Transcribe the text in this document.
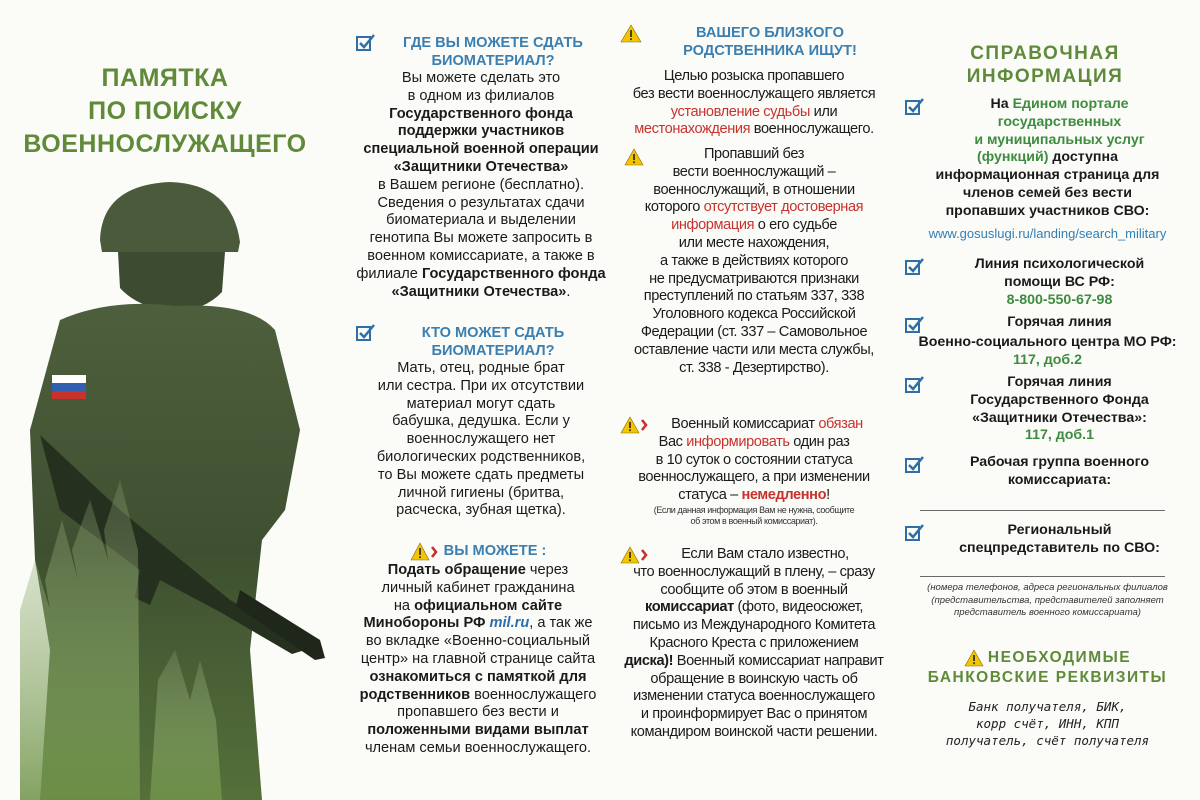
ПАМЯТКА
ПО ПОИСКУ
ВОЕННОСЛУЖАЩЕГО
ГДЕ ВЫ МОЖЕТЕ СДАТЬ
БИОМАТЕРИАЛ?
Вы можете сделать это
в одном из филиалов
Государственного фонда
поддержки участников
специальной военной операции
«Защитники Отечества»
в Вашем регионе (бесплатно).
Сведения о результатах сдачи
биоматериала и выделении
генотипа Вы можете запросить в
военном комиссариате, а также в
филиале Государственного фонда
«Защитники Отечества».
КТО МОЖЕТ СДАТЬ
БИОМАТЕРИАЛ?
Мать, отец, родные брат
или сестра. При их отсутствии
материал могут сдать
бабушка, дедушка. Если у
военнослужащего нет
биологических родственников,
то Вы можете сдать предметы
личной гигиены (бритва,
расческа, зубная щетка).
ВЫ МОЖЕТЕ :
Подать обращение через
личный кабинет гражданина
на официальном сайте
Минобороны РФ mil.ru, а так же
во вкладке «Военно-социальный
центр» на главной странице сайта
ознакомиться с памяткой для
родственников военнослужащего
пропавшего без вести и
положенными видами выплат
членам семьи военнослужащего.
ВАШЕГО БЛИЗКОГО
РОДСТВЕННИКА ИЩУТ!
Целью розыска пропавшего
без вести военнослужащего является
установление судьбы или
местонахождения военнослужащего.
Пропавший без
вести военнослужащий –
военнослужащий, в отношении
которого отсутствует достоверная
информация о его судьбе
или месте нахождения,
а также в действиях которого
не предусматриваются признаки
преступлений по статьям 337, 338
Уголовного кодекса Российской
Федерации (ст. 337 – Самовольное
оставление части или места службы,
ст. 338 - Дезертирство).
Военный комиссариат обязан
Вас информировать один раз
в 10 суток о состоянии статуса
военнослужащего, а при изменении
статуса – немедленно!
(Если данная информация Вам не нужна, сообщите
об этом в военный комиссариат).
Если Вам стало известно,
что военнослужащий в плену, – сразу
сообщите об этом в военный
комиссариат (фото, видеосюжет,
письмо из Международного Комитета
Красного Креста с приложением
диска)! Военный комиссариат направит
обращение в воинскую часть об
изменении статуса военнослужащего
и проинформирует Вас о принятом
командиром воинской части решении.
СПРАВОЧНАЯ
ИНФОРМАЦИЯ
На Едином портале
государственных
и муниципальных услуг
(функций) доступна
информационная страница для
членов семей без вести
пропавших участников СВО:
www.gosuslugi.ru/landing/search_military
Линия психологической
помощи ВС РФ:
8-800-550-67-98
Горячая линия
Военно-социального центра МО РФ:
117, доб.2
Горячая линия
Государственного Фонда
«Защитники Отечества»:
117, доб.1
Рабочая группа военного
комиссариата:
Региональный
спецпредставитель по СВО:
(номера телефонов, адреса региональных филиалов
(представительства, представителей заполняет
представитель военного комиссариата)
НЕОБХОДИМЫЕ
БАНКОВСКИЕ РЕКВИЗИТЫ
Банк получателя, БИК,
корр счёт, ИНН, КПП
получатель, счёт получателя
